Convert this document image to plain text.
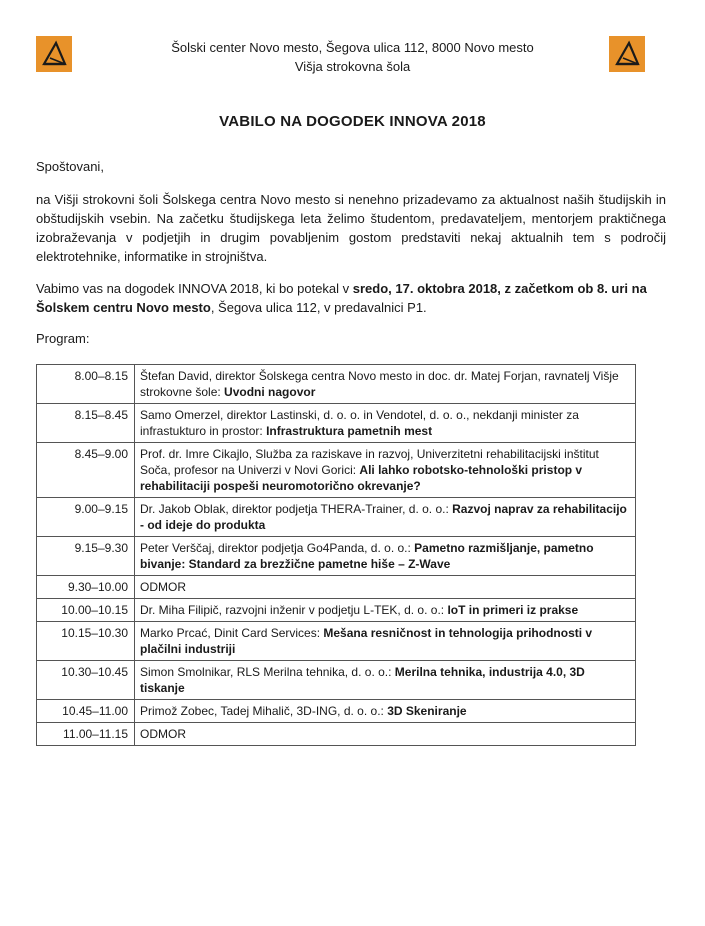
Šolski center Novo mesto, Šegova ulica 112, 8000 Novo mesto
Višja strokovna šola
VABILO NA DOGODEK INNOVA 2018
Spoštovani,
na Višji strokovni šoli Šolskega centra Novo mesto si nenehno prizadevamo za aktualnost naših študijskih in obštudijskih vsebin. Na začetku študijskega leta želimo študentom, predavateljem, mentorjem praktičnega izobraževanja v podjetjih in drugim povabljenim gostom predstaviti nekaj aktualnih tem s področij elektrotehnike, informatike in strojništva.
Vabimo vas na dogodek INNOVA 2018, ki bo potekal v sredo, 17. oktobra 2018, z začetkom ob 8. uri na Šolskem centru Novo mesto, Šegova ulica 112, v predavalnici P1.
Program:
8.00–8.15	Štefan David, direktor Šolskega centra Novo mesto in doc. dr. Matej Forjan, ravnatelj Višje strokovne šole: Uvodni nagovor
8.15–8.45	Samo Omerzel, direktor Lastinski, d. o. o. in Vendotel, d. o. o., nekdanji minister za infrastukturo in prostor: Infrastruktura pametnih mest
8.45–9.00	Prof. dr. Imre Cikajlo, Služba za raziskave in razvoj, Univerzitetni rehabilitacijski inštitut Soča, profesor na Univerzi v Novi Gorici: Ali lahko robotsko-tehnološki pristop v rehabilitaciji pospeši neuromotorično okrevanje?
9.00–9.15	Dr. Jakob Oblak, direktor podjetja THERA-Trainer, d. o. o.: Razvoj naprav za rehabilitacijo - od ideje do produkta
9.15–9.30	Peter Verščaj, direktor podjetja Go4Panda, d. o. o.: Pametno razmišljanje, pametno bivanje: Standard za brezžične pametne hiše – Z-Wave
9.30–10.00	ODMOR
10.00–10.15	Dr. Miha Filipič, razvojni inženir v podjetju L-TEK, d. o. o.: IoT in primeri iz prakse
10.15–10.30	Marko Prcać, Dinit Card Services: Mešana resničnost in tehnologija prihodnosti v plačilni industriji
10.30–10.45	Simon Smolnikar, RLS Merilna tehnika, d. o. o.: Merilna tehnika, industrija 4.0, 3D tiskanje
10.45–11.00	Primož Zobec, Tadej Mihalič, 3D-ING, d. o. o.: 3D Skeniranje
11.00–11.15	ODMOR
